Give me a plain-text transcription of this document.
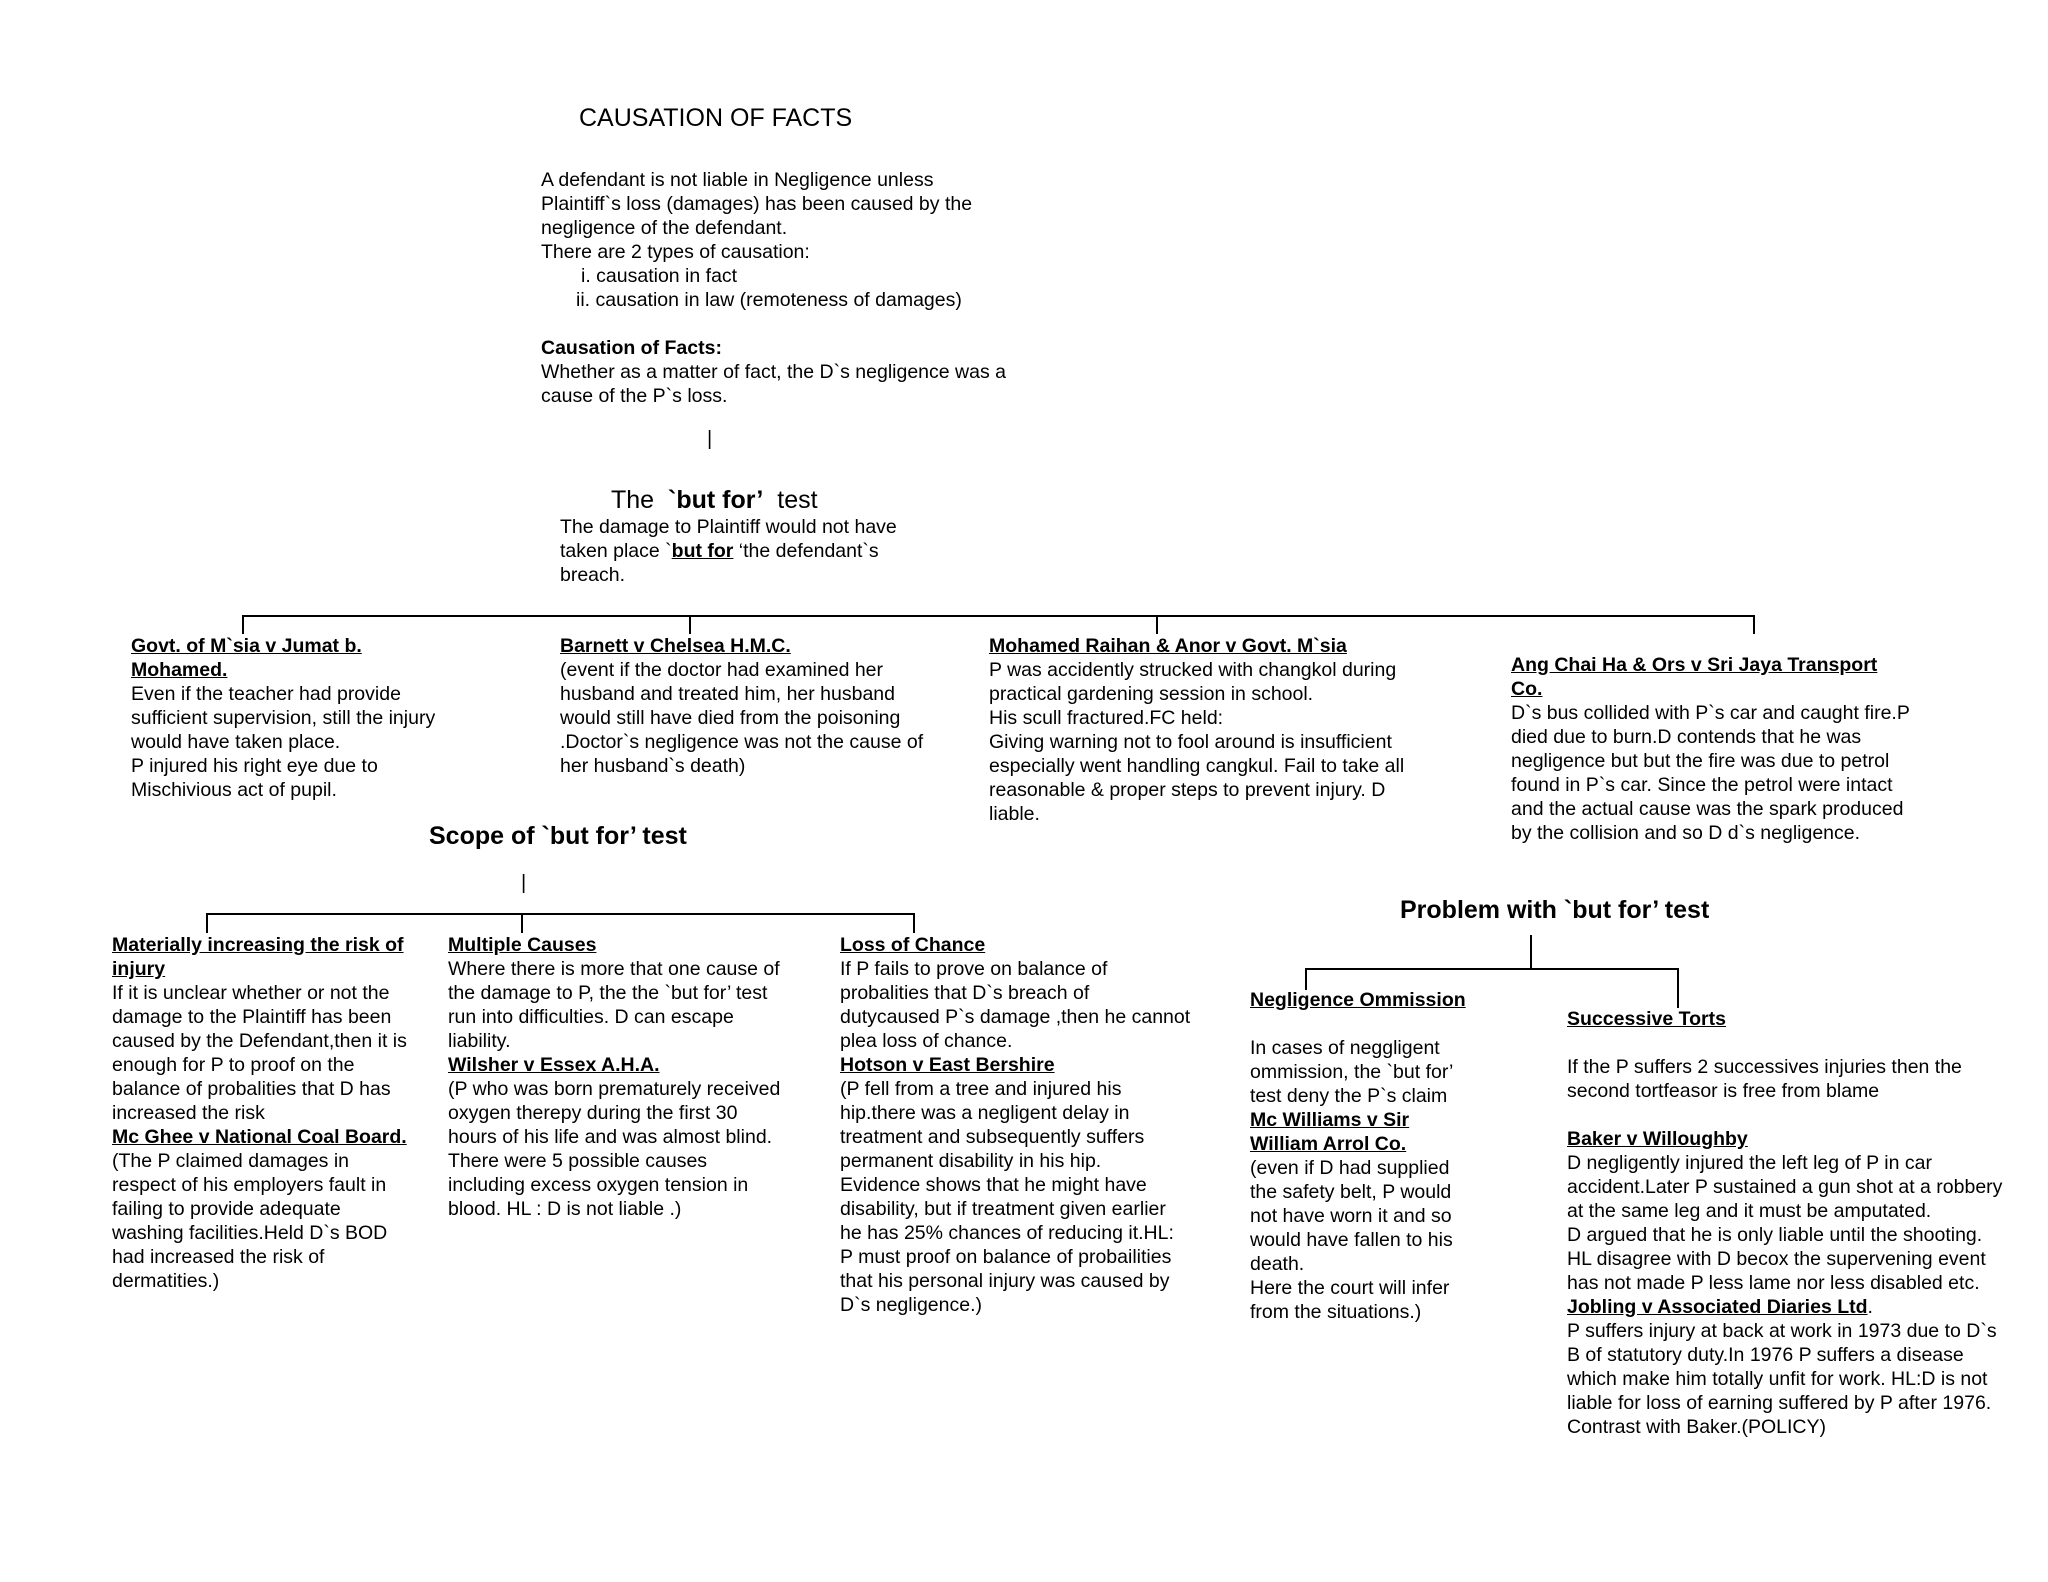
CAUSATION OF FACTS
A defendant is not liable in Negligence unless
Plaintiff`s loss (damages) has been caused by the
negligence of the defendant.
There are 2 types of causation:
i. causation in fact
ii. causation in law (remoteness of damages)
Causation of Facts:
Whether as a matter of fact, the D`s negligence was a
cause of the P`s loss.
|
The `but for’ test
The damage to Plaintiff would not have
taken place `but for ‘the defendant`s
breach.
Govt. of M`sia v Jumat b.
Mohamed.
Even if the teacher had provide
sufficient supervision, still the injury
would have taken place.
P injured his right eye due to
Mischivious act of pupil.
Barnett v Chelsea H.M.C.
(event if the doctor had examined her
husband and treated him, her husband
would still have died from the poisoning
.Doctor`s negligence was not the cause of
her husband`s death)
Mohamed Raihan & Anor v Govt. M`sia
P was accidently strucked with changkol during
practical gardening session in school.
His scull fractured.FC held:
Giving warning not to fool around is insufficient
especially went handling cangkul. Fail to take all
reasonable & proper steps to prevent injury. D
liable.
Ang Chai Ha & Ors v Sri Jaya Transport
Co.
D`s bus collided with P`s car and caught fire.P
died due to burn.D contends that he was
negligence but but the fire was due to petrol
found in P`s car. Since the petrol were intact
and the actual cause was the spark produced
by the collision and so D d`s negligence.
Scope of `but for’ test
|
Materially increasing the risk of
injury
If it is unclear whether or not the
damage to the Plaintiff has been
caused by the Defendant,then it is
enough for P to proof on the
balance of probalities that D has
increased the risk
Mc Ghee v National Coal Board.
(The P claimed damages in
respect of his employers fault in
failing to provide adequate
washing facilities.Held D`s BOD
had increased the risk of
dermatities.)
Multiple Causes
Where there is more that one cause of
the damage to P, the the `but for’ test
run into difficulties. D can escape
liability.
Wilsher v Essex A.H.A.
(P who was born prematurely received
oxygen therepy during the first 30
hours of his life and was almost blind.
There were 5 possible causes
including excess oxygen tension in
blood. HL : D is not liable .)
Loss of Chance
If P fails to prove on balance of
probalities that D`s breach of
dutycaused P`s damage ,then he cannot
plea loss of chance.
Hotson v East Bershire
(P fell from a tree and injured his
hip.there was a negligent delay in
treatment and subsequently suffers
permanent disability in his hip.
Evidence shows that he might have
disability, but if treatment given earlier
he has 25% chances of reducing it.HL:
P must proof on balance of probailities
that his personal injury was caused by
D`s negligence.)
Problem with `but for’ test
Negligence Ommission
In cases of neggligent
ommission, the `but for’
test deny the P`s claim
Mc Williams v Sir
William Arrol Co.
(even if D had supplied
the safety belt, P would
not have worn it and so
would have fallen to his
death.
Here the court will infer
from the situations.)
Successive Torts
If the P suffers 2 successives injuries then the
second tortfeasor is free from blame
Baker v Willoughby
D negligently injured the left leg of P in car
accident.Later P sustained a gun shot at a robbery
at the same leg and it must be amputated.
D argued that he is only liable until the shooting.
HL disagree with D becox the supervening event
has not made P less lame nor less disabled etc.
Jobling v Associated Diaries Ltd.
P suffers injury at back at work in 1973 due to D`s
B of statutory duty.In 1976 P suffers a disease
which make him totally unfit for work. HL:D is not
liable for loss of earning suffered by P after 1976.
Contrast with Baker.(POLICY)
